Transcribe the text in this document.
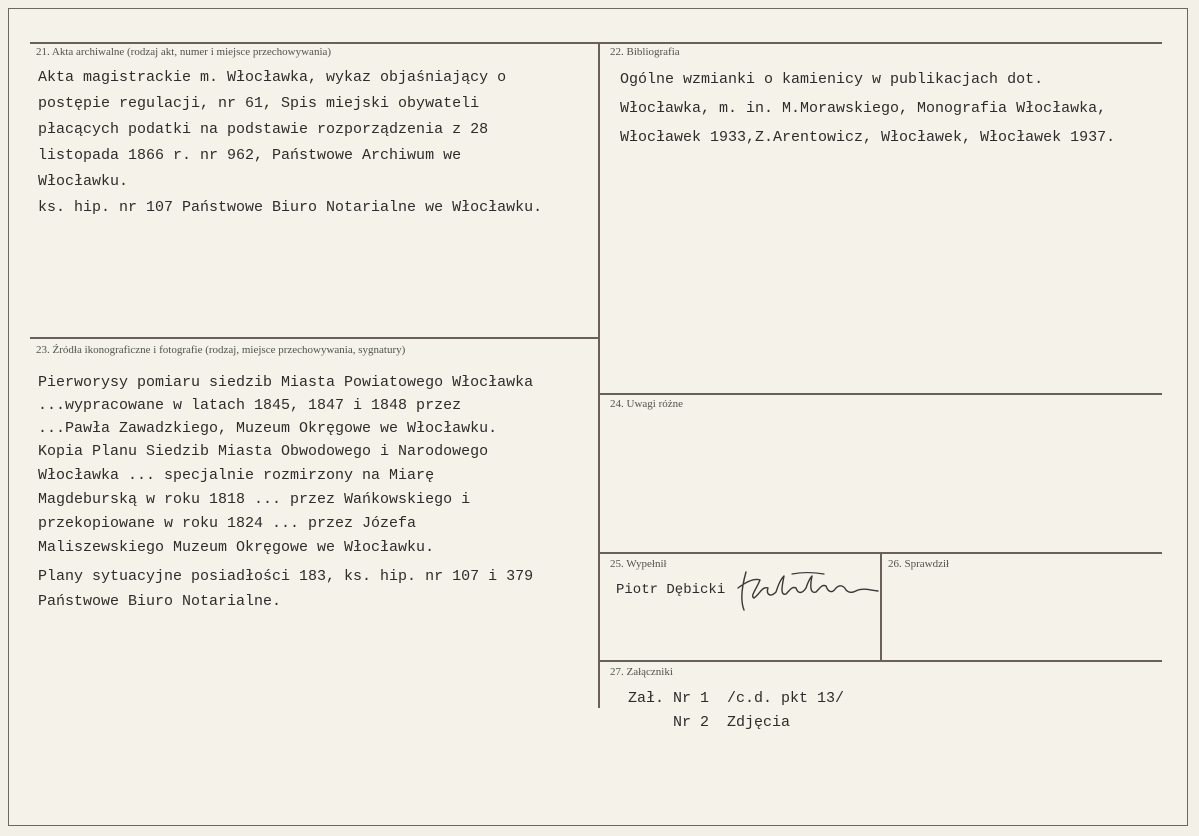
21. Akta archiwalne (rodzaj akt, numer i miejsce przechowywania)	22. Bibliografia
23. Źródła ikonograficzne i fotografie (rodzaj, miejsce przechowywania, sygnatury)
24. Uwagi różne
25. Wypełnił	26. Sprawdził
27. Załączniki
Akta magistrackie m. Włocławka, wykaz objaśniający o
postępie regulacji, nr 61, Spis miejski obywateli
płacących podatki na podstawie rozporządzenia z 28
listopada 1866 r. nr 962, Państwowe Archiwum we
Włocławku.
ks. hip. nr 107 Państwowe Biuro Notarialne we Włocławku.
Ogólne wzmianki o kamienicy w publikacjach dot.
Włocławka, m. in. M.Morawskiego, Monografia Włocławka,
Włocławek 1933,Z.Arentowicz, Włocławek, Włocławek 1937.
Pierworysy pomiaru siedzib Miasta Powiatowego Włocławka
...wypracowane w latach 1845, 1847 i 1848 przez
...Pawła Zawadzkiego, Muzeum Okręgowe we Włocławku.
Kopia Planu Siedzib Miasta Obwodowego i Narodowego
Włocławka ... specjalnie rozmirzony na Miarę
Magdeburską w roku 1818 ... przez Wańkowskiego i
przekopiowane w roku 1824 ... przez Józefa
Maliszewskiego Muzeum Okręgowe we Włocławku.
Plany sytuacyjne posiadłości 183, ks. hip. nr 107 i 379
Państwowe Biuro Notarialne.
Piotr Dębicki
Zał. Nr 1  /c.d. pkt 13/
Nr 2  Zdjęcia
